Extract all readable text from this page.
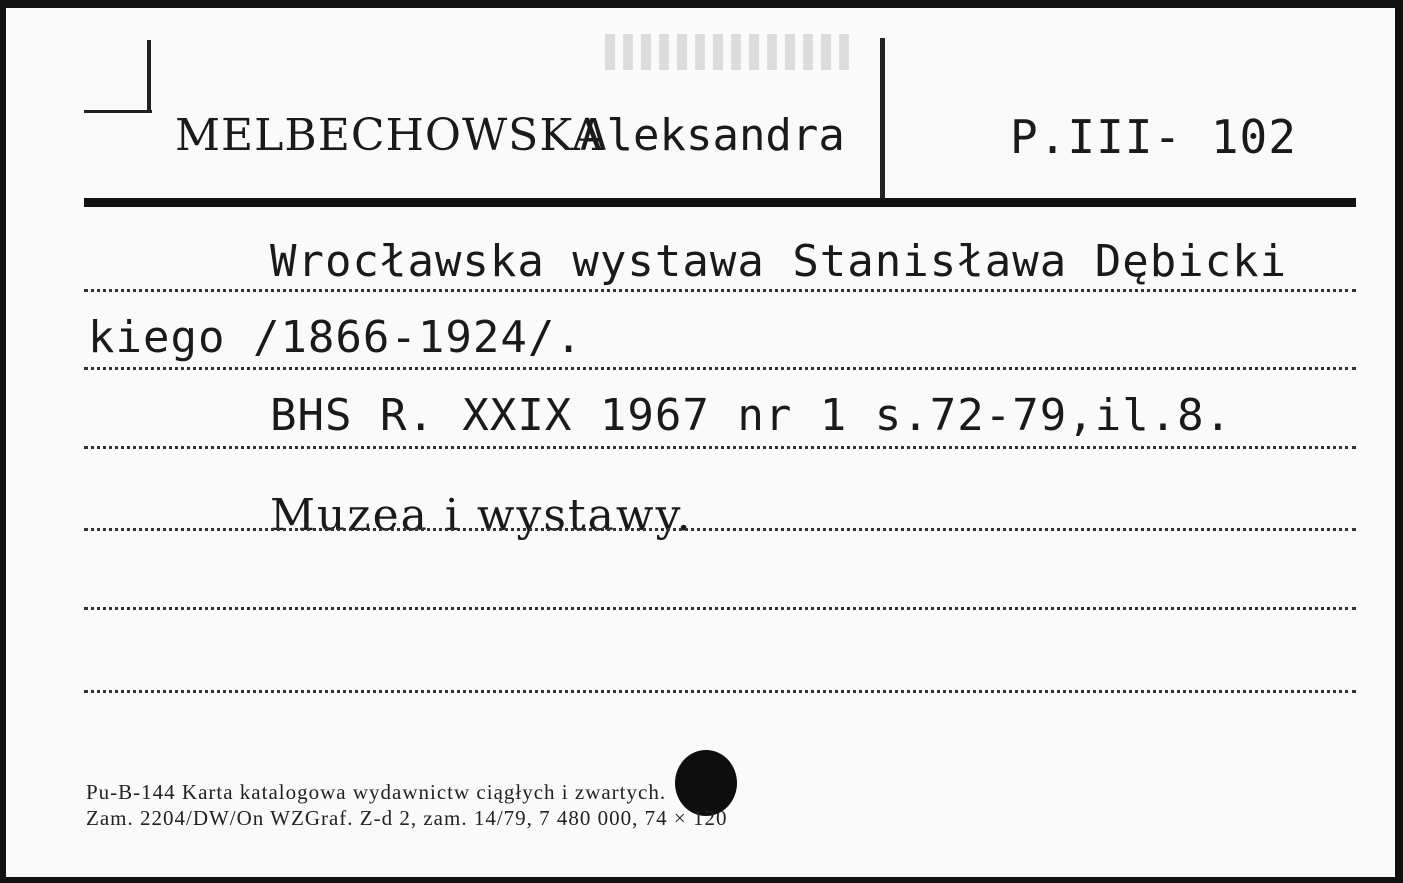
MELBECHOWSKA
Aleksandra	P.III- 102
Wrocławska wystawa Stanisława Dębicki
kiego /1866-1924/.
BHS R. XXIX 1967 nr 1 s.72-79,il.8.
Muzea i wystawy.
Pu-B-144 Karta katalogowa wydawnictw ciągłych i zwartych.
Zam. 2204/DW/On WZGraf. Z-d 2, zam. 14/79, 7 480 000, 74 × 120
